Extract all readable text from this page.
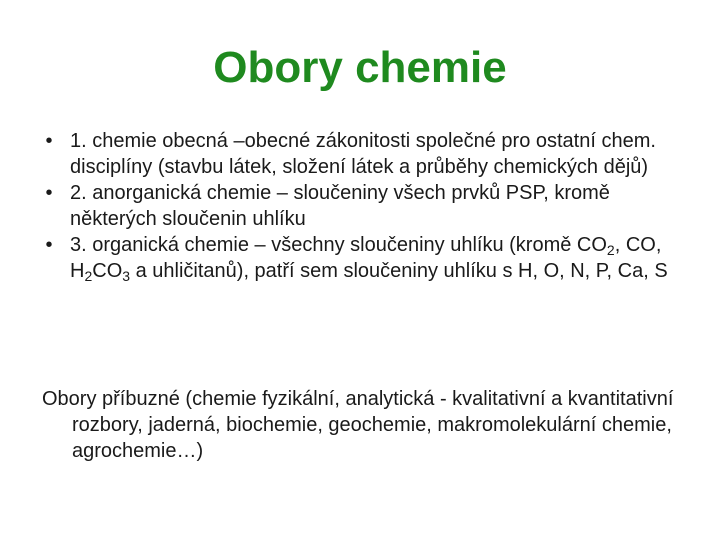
Obory chemie
• 1. chemie obecná –obecné zákonitosti společné pro ostatní chem. disciplíny (stavbu látek, složení látek a průběhy chemických dějů)
• 2. anorganická chemie – sloučeniny všech prvků PSP, kromě některých sloučenin uhlíku
• 3. organická chemie – všechny sloučeniny uhlíku (kromě $CO_2$, CO, $H_2CO_3$ a uhličitanů), patří sem sloučeniny uhlíku s H, O, N, P, Ca, S

Obory příbuzné (chemie fyzikální, analytická - kvalitativní a kvantitativní rozbory, jaderná, biochemie, geochemie, makromolekulární chemie, agrochemie…)
